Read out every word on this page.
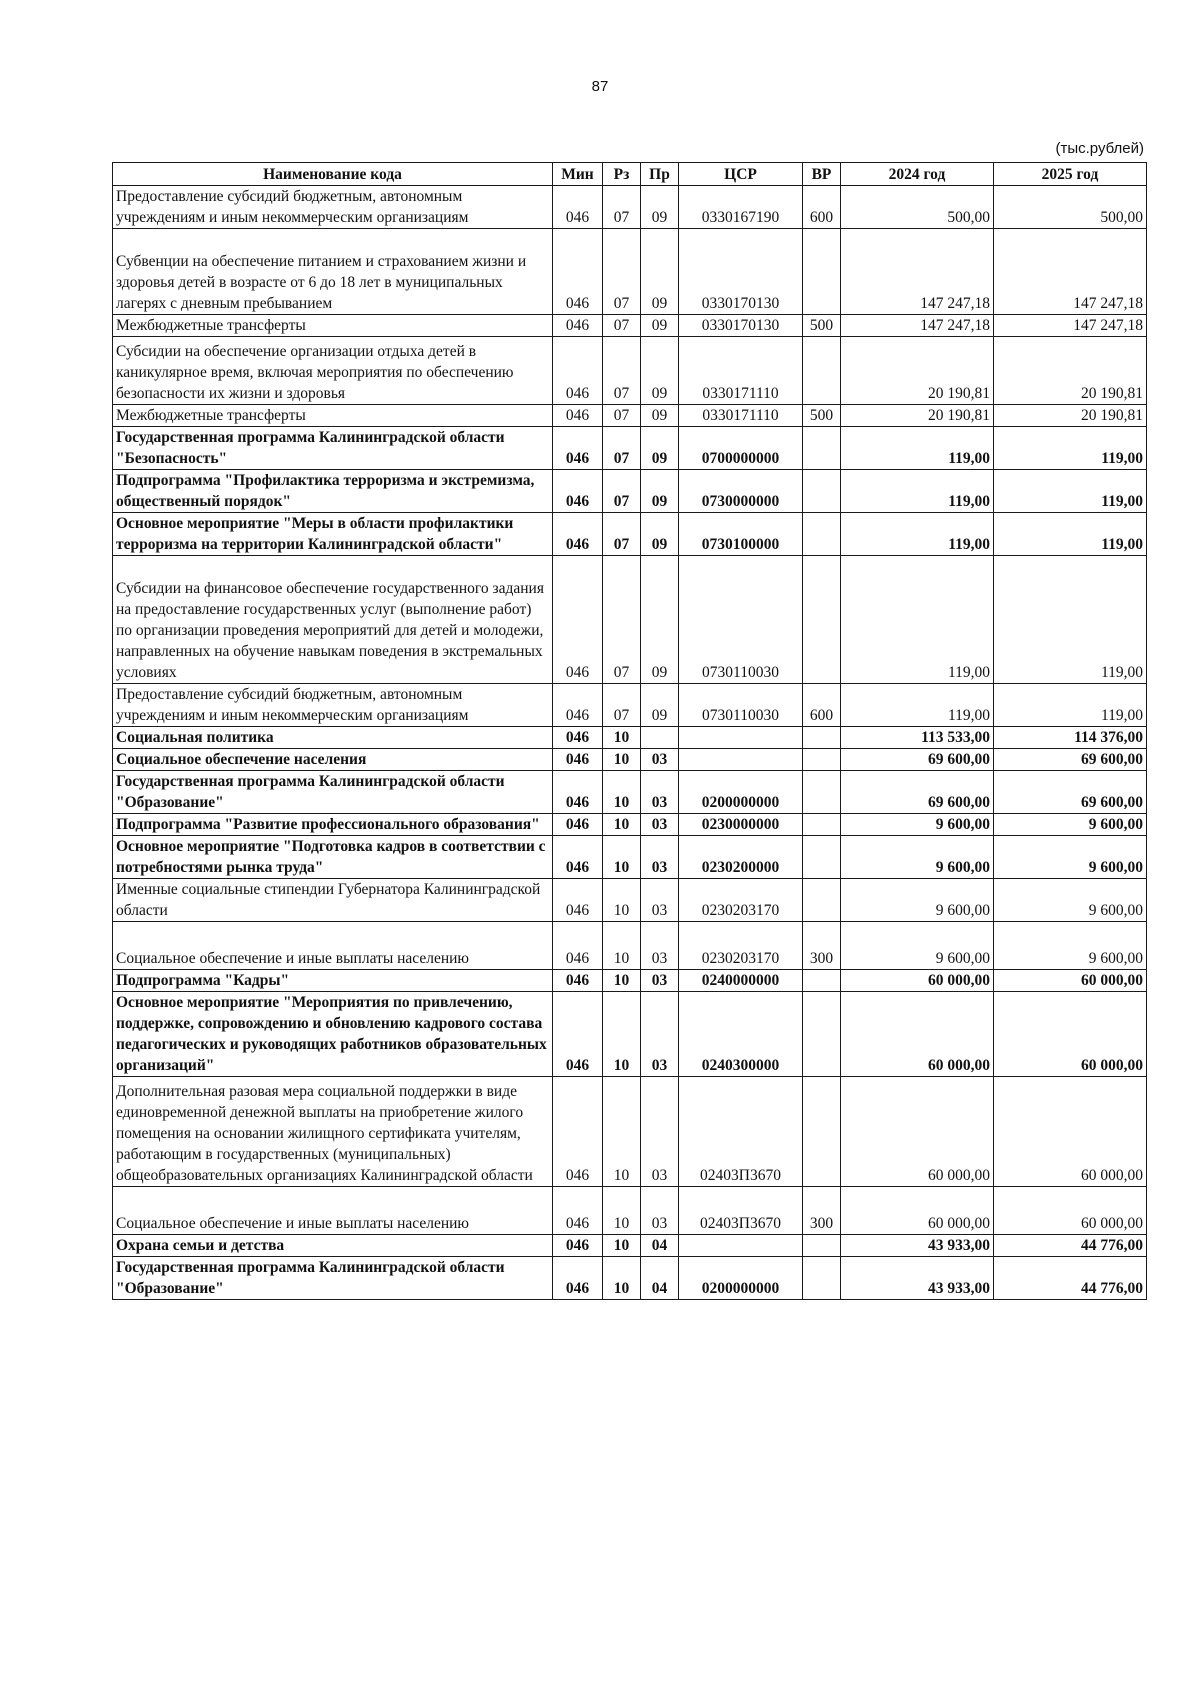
87
(тыс.рублей)
Наименование кода	Мин	Рз	Пр	ЦСР	ВР	2024 год	2025 год
Предоставление субсидий бюджетным, автономным учреждениям и иным некоммерческим организациям	046	07	09	0330167190	600	500,00	500,00
Субвенции на обеспечение питанием и страхованием жизни и здоровья детей в возрасте от 6 до 18 лет в муниципальных лагерях с дневным пребыванием	046	07	09	0330170130		147 247,18	147 247,18
Межбюджетные трансферты	046	07	09	0330170130	500	147 247,18	147 247,18
Субсидии на обеспечение организации отдыха детей в каникулярное время, включая мероприятия по обеспечению безопасности их жизни и здоровья	046	07	09	0330171110		20 190,81	20 190,81
Межбюджетные трансферты	046	07	09	0330171110	500	20 190,81	20 190,81
Государственная программа Калининградской области "Безопасность"	046	07	09	0700000000		119,00	119,00
Подпрограмма "Профилактика терроризма и экстремизма, общественный порядок"	046	07	09	0730000000		119,00	119,00
Основное мероприятие "Меры в области профилактики терроризма на территории Калининградской области"	046	07	09	0730100000		119,00	119,00
Субсидии на финансовое обеспечение государственного задания на предоставление государственных услуг (выполнение работ) по организации проведения мероприятий для детей и молодежи, направленных на обучение навыкам поведения в экстремальных условиях	046	07	09	0730110030		119,00	119,00
Предоставление субсидий бюджетным, автономным учреждениям и иным некоммерческим организациям	046	07	09	0730110030	600	119,00	119,00
Социальная политика	046	10				113 533,00	114 376,00
Социальное обеспечение населения	046	10	03			69 600,00	69 600,00
Государственная программа Калининградской области "Образование"	046	10	03	0200000000		69 600,00	69 600,00
Подпрограмма "Развитие профессионального образования"	046	10	03	0230000000		9 600,00	9 600,00
Основное мероприятие "Подготовка кадров в соответствии с потребностями рынка труда"	046	10	03	0230200000		9 600,00	9 600,00
Именные социальные стипендии Губернатора Калининградской области	046	10	03	0230203170		9 600,00	9 600,00
Социальное обеспечение и иные выплаты населению	046	10	03	0230203170	300	9 600,00	9 600,00
Подпрограмма "Кадры"	046	10	03	0240000000		60 000,00	60 000,00
Основное мероприятие "Мероприятия по привлечению, поддержке, сопровождению и обновлению кадрового состава педагогических и руководящих работников образовательных организаций"	046	10	03	0240300000		60 000,00	60 000,00
Дополнительная разовая мера социальной поддержки в виде единовременной денежной выплаты на приобретение жилого помещения на основании жилищного сертификата учителям, работающим в государственных (муниципальных) общеобразовательных организациях Калининградской области	046	10	03	02403П3670		60 000,00	60 000,00
Социальное обеспечение и иные выплаты населению	046	10	03	02403П3670	300	60 000,00	60 000,00
Охрана семьи и детства	046	10	04			43 933,00	44 776,00
Государственная программа Калининградской области "Образование"	046	10	04	0200000000		43 933,00	44 776,00
